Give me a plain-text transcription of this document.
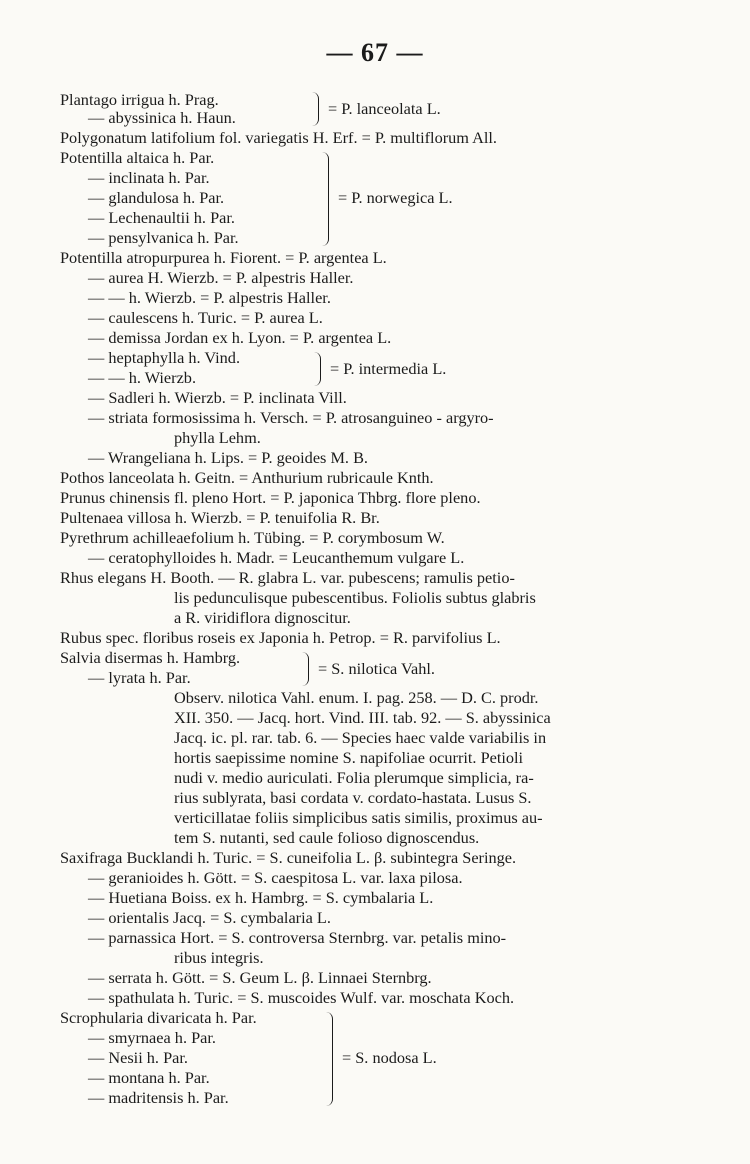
— 67 —
Plantago irrigua h. Prag.
— abyssinica h. Haun.
Polygonatum latifolium fol. variegatis H. Erf. = P. multiflorum All.
Potentilla altaica h. Par.
— inclinata h. Par.
— glandulosa h. Par.
— Lechenaultii h. Par.
— pensylvanica h. Par.
Potentilla atropurpurea h. Fiorent. = P. argentea L.
— aurea H. Wierzb. = P. alpestris Haller.
— — h. Wierzb. = P. alpestris Haller.
— caulescens h. Turic. = P. aurea L.
— demissa Jordan ex h. Lyon. = P. argentea L.
— heptaphylla h. Vind.
— — h. Wierzb.
— Sadleri h. Wierzb. = P. inclinata Vill.
— striata formosissima h. Versch. = P. atrosanguineo - argyro-
phylla Lehm.
— Wrangeliana h. Lips. = P. geoides M. B.
Pothos lanceolata h. Geitn. = Anthurium rubricaule Knth.
Prunus chinensis fl. pleno Hort. = P. japonica Thbrg. flore pleno.
Pultenaea villosa h. Wierzb. = P. tenuifolia R. Br.
Pyrethrum achilleaefolium h. Tübing. = P. corymbosum W.
— ceratophylloides h. Madr. = Leucanthemum vulgare L.
Rhus elegans H. Booth. — R. glabra L. var. pubescens; ramulis petio-
lis pedunculisque pubescentibus. Foliolis subtus glabris
a R. viridiflora dignoscitur.
Rubus spec. floribus roseis ex Japonia h. Petrop. = R. parvifolius L.
Salvia disermas h. Hambrg.
— lyrata h. Par.
Observ. nilotica Vahl. enum. I. pag. 258. — D. C. prodr.
XII. 350. — Jacq. hort. Vind. III. tab. 92. — S. abyssinica
Jacq. ic. pl. rar. tab. 6. — Species haec valde variabilis in
hortis saepissime nomine S. napifoliae ocurrit. Petioli
nudi v. medio auriculati. Folia plerumque simplicia, ra-
rius sublyrata, basi cordata v. cordato-hastata. Lusus S.
verticillatae foliis simplicibus satis similis, proximus au-
tem S. nutanti, sed caule folioso dignoscendus.
Saxifraga Bucklandi h. Turic. = S. cuneifolia L. β. subintegra Seringe.
— geranioides h. Gött. = S. caespitosa L. var. laxa pilosa.
— Huetiana Boiss. ex h. Hambrg. = S. cymbalaria L.
— orientalis Jacq. = S. cymbalaria L.
— parnassica Hort. = S. controversa Sternbrg. var. petalis mino-
ribus integris.
— serrata h. Gött. = S. Geum L. β. Linnaei Sternbrg.
— spathulata h. Turic. = S. muscoides Wulf. var. moschata Koch.
Scrophularia divaricata h. Par.
— smyrnaea h. Par.
— Nesii h. Par.
— montana h. Par.
— madritensis h. Par.
= P. lanceolata L.
= P. norwegica L.
= P. intermedia L.
= S. nilotica Vahl.
= S. nodosa L.
